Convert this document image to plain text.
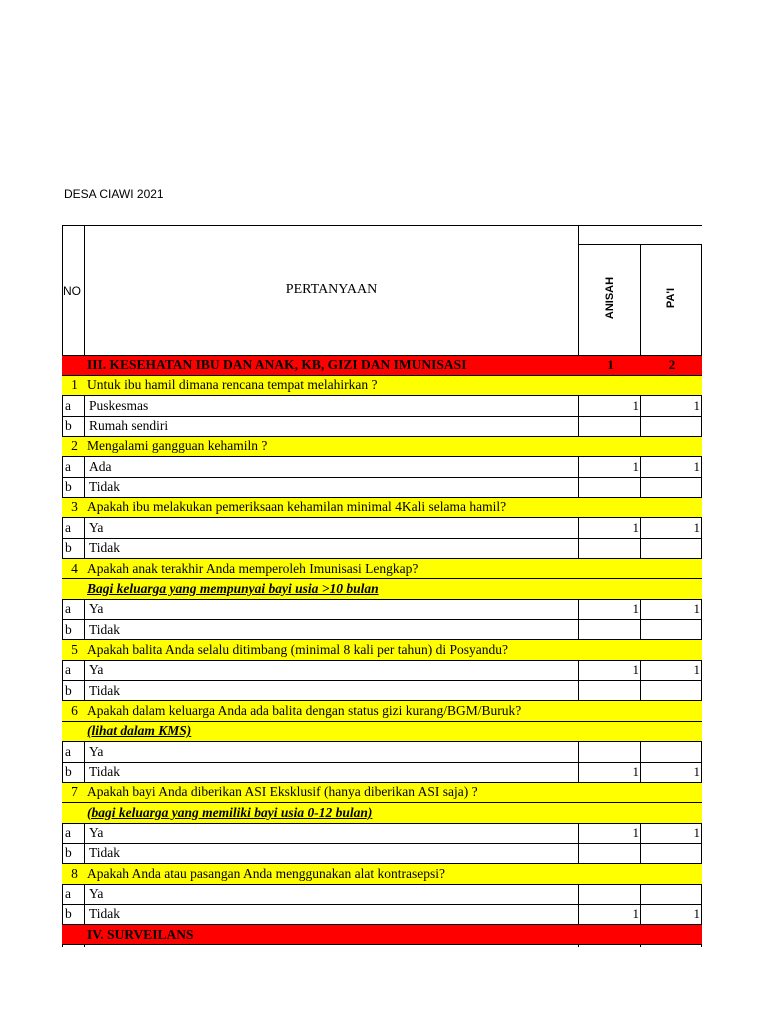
DESA CIAWI 2021
NO	PERTANYAAN	ANISAH	PA'I
III. KESEHATAN IBU DAN ANAK, KB, GIZI DAN IMUNISASI	1	2
1 Untuk ibu hamil dimana rencana tempat melahirkan ?
a	Puskesmas	1	1
b	Rumah sendiri
2 Mengalami gangguan kehamiln ?
a	Ada	1	1
b	Tidak
3 Apakah ibu melakukan pemeriksaan kehamilan minimal 4Kali selama hamil?
a	Ya	1	1
b	Tidak
4 Apakah anak terakhir Anda memperoleh Imunisasi Lengkap?
Bagi keluarga yang mempunyai bayi usia >10 bulan
a	Ya	1	1
b	Tidak
5 Apakah balita Anda selalu ditimbang (minimal 8 kali per tahun) di Posyandu?
a	Ya	1	1
b	Tidak
6 Apakah dalam keluarga Anda ada balita dengan status gizi kurang/BGM/Buruk?
(lihat dalam KMS)
a	Ya
b	Tidak	1	1
7 Apakah bayi Anda diberikan ASI Eksklusif (hanya diberikan ASI saja) ?
(bagi keluarga yang memiliki bayi usia 0-12 bulan)
a	Ya	1	1
b	Tidak
8 Apakah Anda atau pasangan Anda menggunakan alat kontrasepsi?
a	Ya
b	Tidak	1	1
IV. SURVEILANS
